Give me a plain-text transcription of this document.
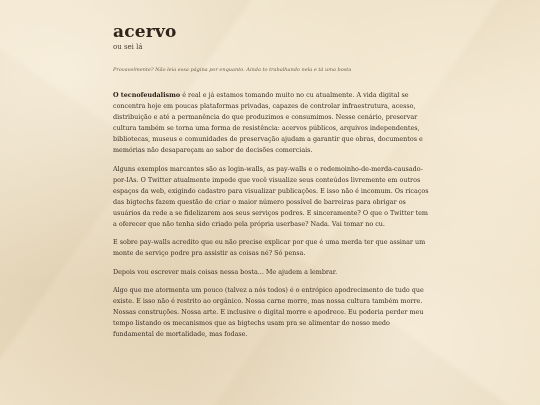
acervo
ou sei lá
Provavelmente? Não leia essa página por enquanto. Ainda to trabalhando nela e tá uma bosta

O tecnofeudalismo é real e já estamos tomando muito no cu atualmente. A vida digital se concentra hoje em poucas plataformas privadas, capazes de controlar infraestrutura, acesso, distribuição e até a permanência do que produzimos e consumimos. Nesse cenário, preservar cultura também se torna uma forma de resistência: acervos públicos, arquivos independentes, bibliotecas, museus e comunidades de preservação ajudam a garantir que obras, documentos e memórias não desapareçam ao sabor de decisões comerciais.

Alguns exemplos marcantes são as login-walls, as pay-walls e o redemoinho-de-merda-causado-por-IAs. O Twitter atualmente impede que você visualize seus conteúdos livremente em outros espaços da web, exigindo cadastro para visualizar publicações. E isso não é incomum. Os ricaços das bigtechs fazem questão de criar o maior número possível de barreiras para obrigar os usuários da rede a se fidelizarem aos seus serviços podres. E sinceramente? O que o Twitter tem a oferecer que não tenha sido criado pela própria userbase? Nada. Vai tomar no cu.

E sobre pay-walls acredito que eu não precise explicar por que é uma merda ter que assinar um monte de serviço podre pra assistir as coisas né? Só pensa.

Depois vou escrever mais coisas nessa bosta... Me ajudem a lembrar.

Algo que me atormenta um pouco (talvez a nós todos) é o entrópico apodrecimento de tudo que existe. E isso não é restrito ao orgânico. Nossa carne morre, mas nossa cultura também morre. Nossas construções. Nossa arte. E inclusive o digital morre e apodrece. Eu poderia perder meu tempo listando os mecanismos que as bigtechs usam pra se alimentar do nosso medo fundamental de mortalidade, mas fodase.
